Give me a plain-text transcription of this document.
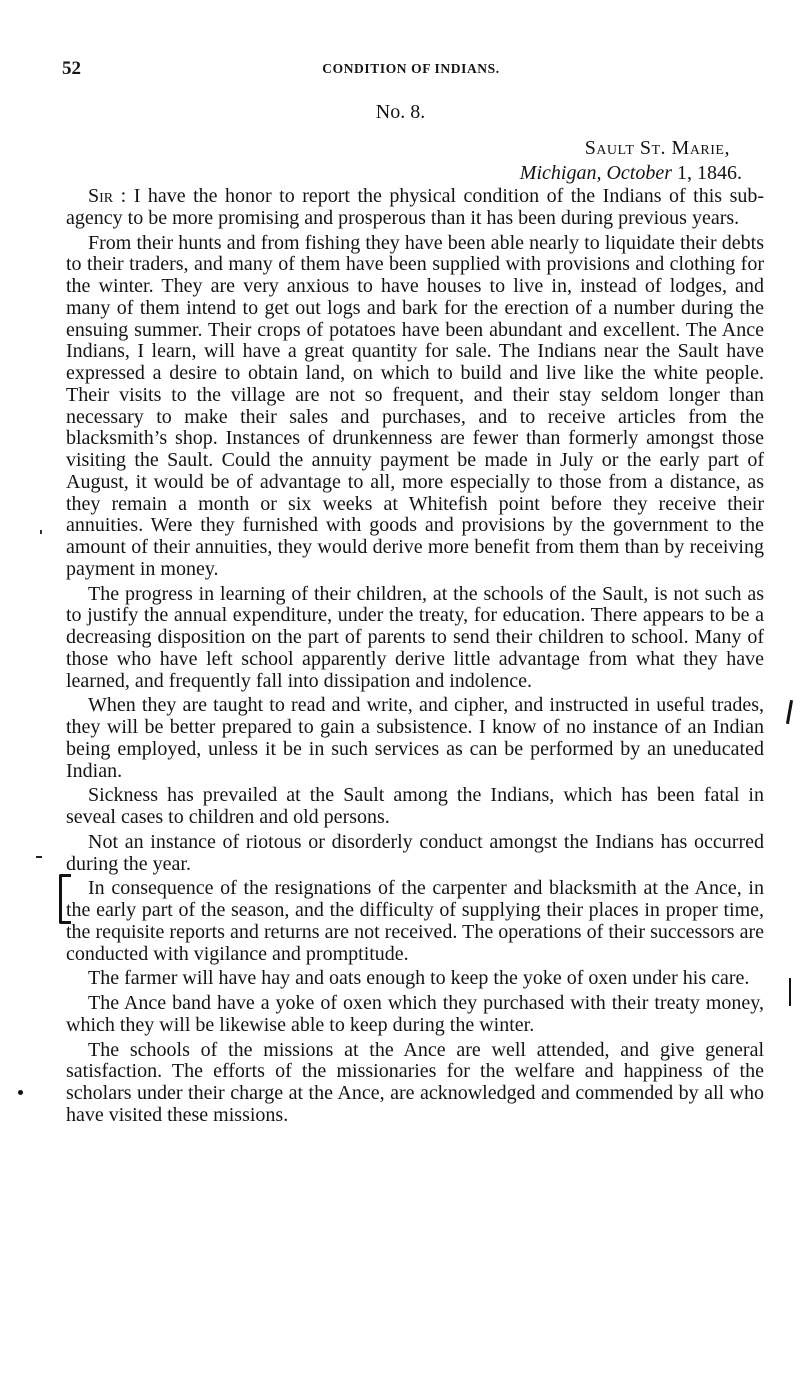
52	CONDITION OF INDIANS.
No. 8.
Sault St. Marie,
Michigan, October 1, 1846.

Sir : I have the honor to report the physical condition of the Indians of this sub-agency to be more promising and prosperous than it has been during previous years.

From their hunts and from fishing they have been able nearly to liquidate their debts to their traders, and many of them have been supplied with provisions and clothing for the winter. They are very anxious to have houses to live in, instead of lodges, and many of them intend to get out logs and bark for the erection of a number during the ensuing summer. Their crops of potatoes have been abundant and excellent. The Ance Indians, I learn, will have a great quantity for sale. The Indians near the Sault have expressed a desire to obtain land, on which to build and live like the white people. Their visits to the village are not so frequent, and their stay seldom longer than necessary to make their sales and purchases, and to receive articles from the blacksmith’s shop. Instances of drunkenness are fewer than formerly amongst those visiting the Sault. Could the annuity payment be made in July or the early part of August, it would be of advantage to all, more especially to those from a distance, as they remain a month or six weeks at Whitefish point before they receive their annuities. Were they furnished with goods and provisions by the government to the amount of their annuities, they would derive more benefit from them than by receiving payment in money.

The progress in learning of their children, at the schools of the Sault, is not such as to justify the annual expenditure, under the treaty, for education. There appears to be a decreasing disposition on the part of parents to send their children to school. Many of those who have left school apparently derive little advantage from what they have learned, and frequently fall into dissipation and indolence.

When they are taught to read and write, and cipher, and instructed in useful trades, they will be better prepared to gain a subsistence. I know of no instance of an Indian being employed, unless it be in such services as can be performed by an uneducated Indian.

Sickness has prevailed at the Sault among the Indians, which has been fatal in seveal cases to children and old persons.

Not an instance of riotous or disorderly conduct amongst the Indians has occurred during the year.

In consequence of the resignations of the carpenter and blacksmith at the Ance, in the early part of the season, and the difficulty of supplying their places in proper time, the requisite reports and returns are not received. The operations of their successors are conducted with vigilance and promptitude.

The farmer will have hay and oats enough to keep the yoke of oxen under his care.

The Ance band have a yoke of oxen which they purchased with their treaty money, which they will be likewise able to keep during the winter.

The schools of the missions at the Ance are well attended, and give general satisfaction. The efforts of the missionaries for the welfare and happiness of the scholars under their charge at the Ance, are acknowledged and commended by all who have visited these missions.
